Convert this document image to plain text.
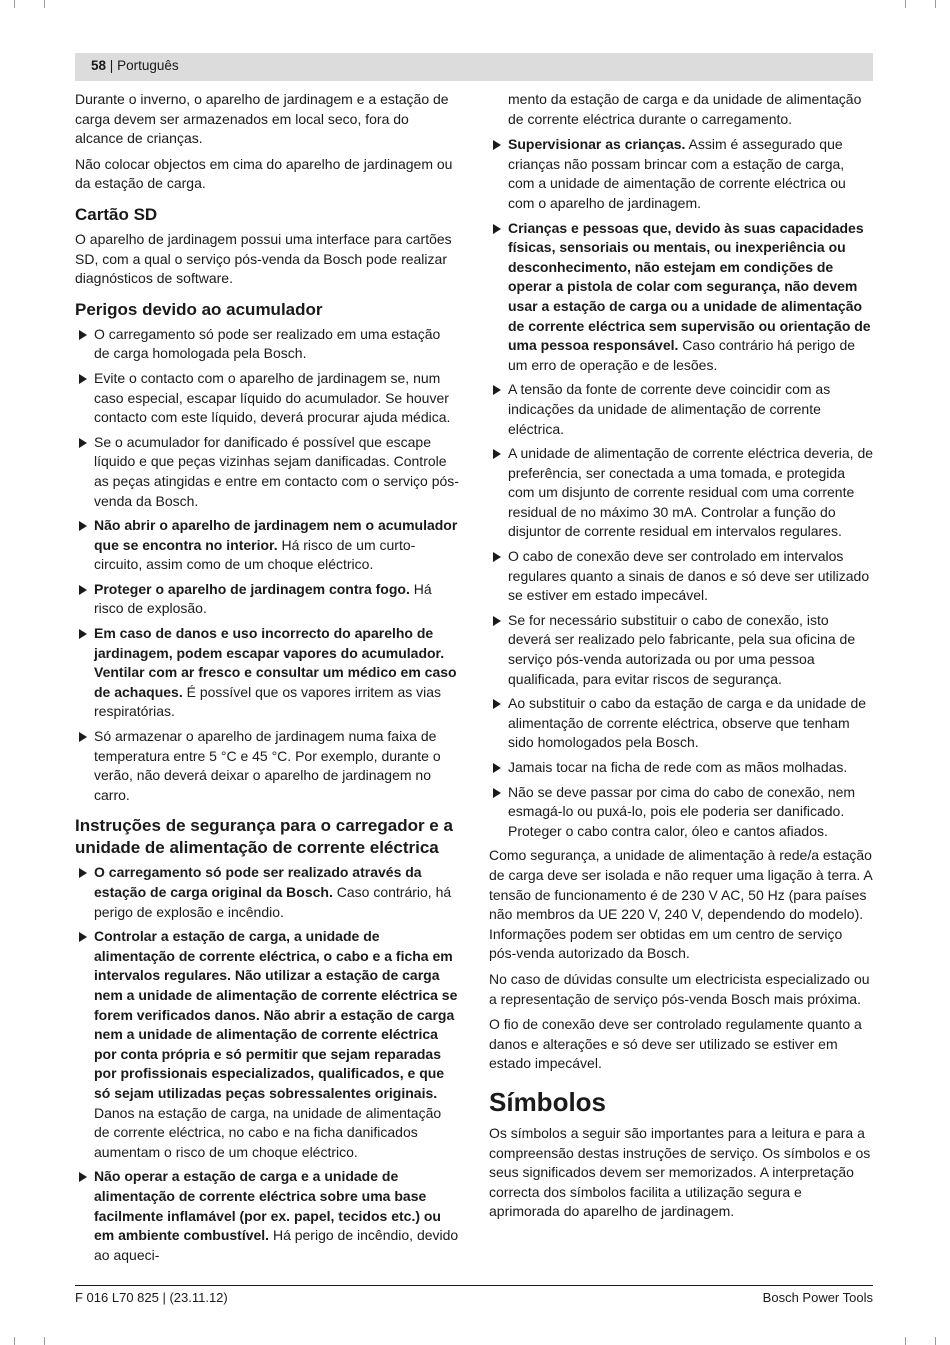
58 | Português

Durante o inverno, o aparelho de jardinagem e a estação de carga devem ser armazenados em local seco, fora do alcance de crianças.

Não colocar objectos em cima do aparelho de jardinagem ou da estação de carga.

Cartão SD

O aparelho de jardinagem possui uma interface para cartões SD, com a qual o serviço pós-venda da Bosch pode realizar diagnósticos de software.

Perigos devido ao acumulador
O carregamento só pode ser realizado em uma estação de carga homologada pela Bosch.
Evite o contacto com o aparelho de jardinagem se, num caso especial, escapar líquido do acumulador. Se houver contacto com este líquido, deverá procurar ajuda médica.
Se o acumulador for danificado é possível que escape líquido e que peças vizinhas sejam danificadas. Controle as peças atingidas e entre em contacto com o serviço pós-venda da Bosch.
Não abrir o aparelho de jardinagem nem o acumulador que se encontra no interior. Há risco de um curto-circuito, assim como de um choque eléctrico.
Proteger o aparelho de jardinagem contra fogo. Há risco de explosão.
Em caso de danos e uso incorrecto do aparelho de jardinagem, podem escapar vapores do acumulador. Ventilar com ar fresco e consultar um médico em caso de achaques. É possível que os vapores irritem as vias respiratórias.
Só armazenar o aparelho de jardinagem numa faixa de temperatura entre 5 °C e 45 °C. Por exemplo, durante o verão, não deverá deixar o aparelho de jardinagem no carro.
Instruções de segurança para o carregador e a unidade de alimentação de corrente eléctrica
O carregamento só pode ser realizado através da estação de carga original da Bosch. Caso contrário, há perigo de explosão e incêndio.
Controlar a estação de carga, a unidade de alimentação de corrente eléctrica, o cabo e a ficha em intervalos regulares. Não utilizar a estação de carga nem a unidade de alimentação de corrente eléctrica se forem verificados danos. Não abrir a estação de carga nem a unidade de alimentação de corrente eléctrica por conta própria e só permitir que sejam reparadas por profissionais especializados, qualificados, e que só sejam utilizadas peças sobressalentes originais. Danos na estação de carga, na unidade de alimentação de corrente eléctrica, no cabo e na ficha danificados aumentam o risco de um choque eléctrico.
Não operar a estação de carga e a unidade de alimentação de corrente eléctrica sobre uma base facilmente inflamável (por ex. papel, tecidos etc.) ou em ambiente combustível. Há perigo de incêndio, devido ao aqueci-

mento da estação de carga e da unidade de alimentação de corrente eléctrica durante o carregamento.

Supervisionar as crianças. Assim é assegurado que crianças não possam brincar com a estação de carga, com a unidade de aimentação de corrente eléctrica ou com o aparelho de jardinagem.
Crianças e pessoas que, devido às suas capacidades físicas, sensoriais ou mentais, ou inexperiência ou desconhecimento, não estejam em condições de operar a pistola de colar com segurança, não devem usar a estação de carga ou a unidade de alimentação de corrente eléctrica sem supervisão ou orientação de uma pessoa responsável. Caso contrário há perigo de um erro de operação e de lesões.
A tensão da fonte de corrente deve coincidir com as indicações da unidade de alimentação de corrente eléctrica.
A unidade de alimentação de corrente eléctrica deveria, de preferência, ser conectada a uma tomada, e protegida com um disjunto de corrente residual com uma corrente residual de no máximo 30 mA. Controlar a função do disjuntor de corrente residual em intervalos regulares.
O cabo de conexão deve ser controlado em intervalos regulares quanto a sinais de danos e só deve ser utilizado se estiver em estado impecável.
Se for necessário substituir o cabo de conexão, isto deverá ser realizado pelo fabricante, pela sua oficina de serviço pós-venda autorizada ou por uma pessoa qualificada, para evitar riscos de segurança.
Ao substituir o cabo da estação de carga e da unidade de alimentação de corrente eléctrica, observe que tenham sido homologados pela Bosch.
Jamais tocar na ficha de rede com as mãos molhadas.
Não se deve passar por cima do cabo de conexão, nem esmagá-lo ou puxá-lo, pois ele poderia ser danificado. Proteger o cabo contra calor, óleo e cantos afiados.

Como segurança, a unidade de alimentação à rede/a estação de carga deve ser isolada e não requer uma ligação à terra. A tensão de funcionamento é de 230 V AC, 50 Hz (para países não membros da UE 220 V, 240 V, dependendo do modelo). Informações podem ser obtidas em um centro de serviço pós-venda autorizado da Bosch.

No caso de dúvidas consulte um electricista especializado ou a representação de serviço pós-venda Bosch mais próxima.

O fio de conexão deve ser controlado regulamente quanto a danos e alterações e só deve ser utilizado se estiver em estado impecável.

Símbolos

Os símbolos a seguir são importantes para a leitura e para a compreensão destas instruções de serviço. Os símbolos e os seus significados devem ser memorizados. A interpretação correcta dos símbolos facilita a utilização segura e aprimorada do aparelho de jardinagem.

F 016 L70 825 | (23.11.12)	Bosch Power Tools
